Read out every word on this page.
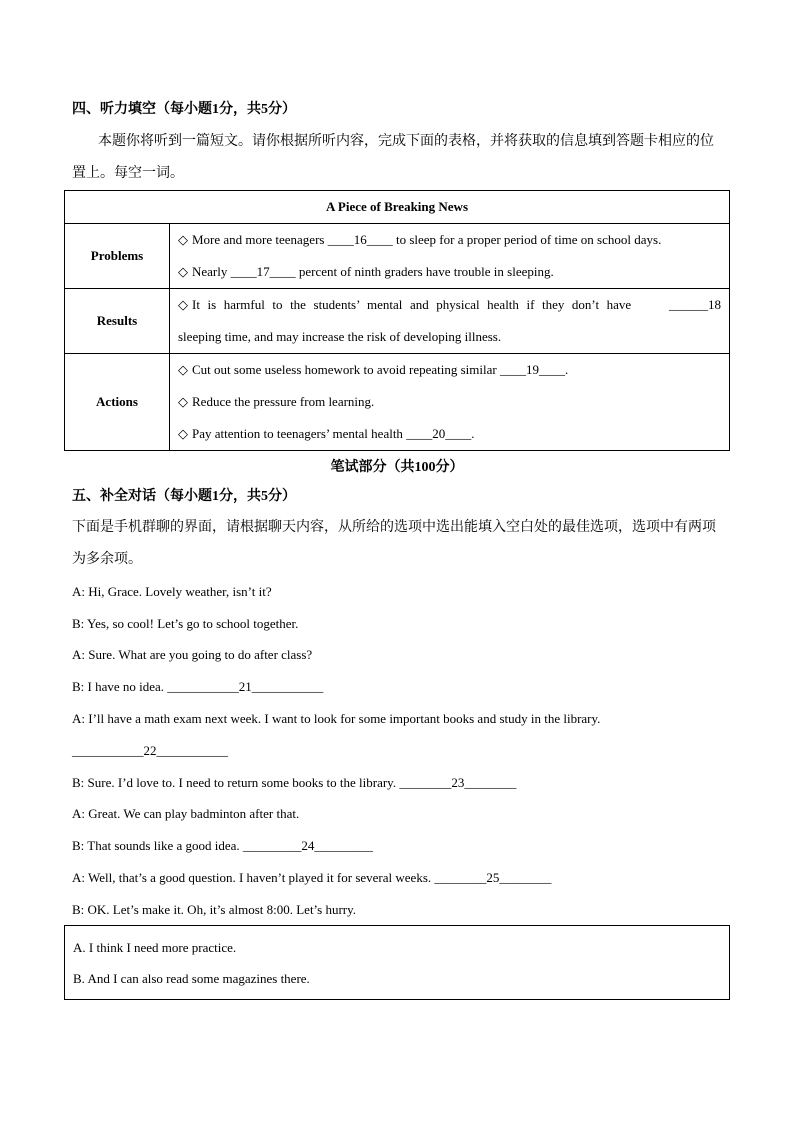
四、听力填空（每小题1分，共5分）
本题你将听到一篇短文。请你根据所听内容，完成下面的表格，并将获取的信息填到答题卡相应的位
置上。每空一词。
A Piece of Breaking News	
Problems	◇ More and more teenagers ____16____ to sleep for a proper period of time on school days.
◇ Nearly ____17____ percent of ninth graders have trouble in sleeping.

Results	◇ It is harmful to the students’ mental and physical health if they don’t have ______18
sleeping time, and may increase the risk of developing illness.

Actions	◇ Cut out some useless homework to avoid repeating similar ____19____.
◇ Reduce the pressure from learning.
◇ Pay attention to teenagers’ mental health ____20____.
笔试部分（共100分）
五、补全对话（每小题1分，共5分）
下面是手机群聊的界面，请根据聊天内容，从所给的选项中选出能填入空白处的最佳选项，选项中有两项
为多余项。
A: Hi, Grace. Lovely weather, isn’t it?
B: Yes, so cool! Let’s go to school together.
A: Sure. What are you going to do after class?
B: I have no idea. ___________21___________
A: I’ll have a math exam next week. I want to look for some important books and study in the library.
___________22___________
B: Sure. I’d love to. I need to return some books to the library. ________23________
A: Great. We can play badminton after that.
B: That sounds like a good idea. _________24_________
A: Well, that’s a good question. I haven’t played it for several weeks. ________25________
B: OK. Let’s make it. Oh, it’s almost 8:00. Let’s hurry.
A. I think I need more practice.
B. And I can also read some magazines there.
